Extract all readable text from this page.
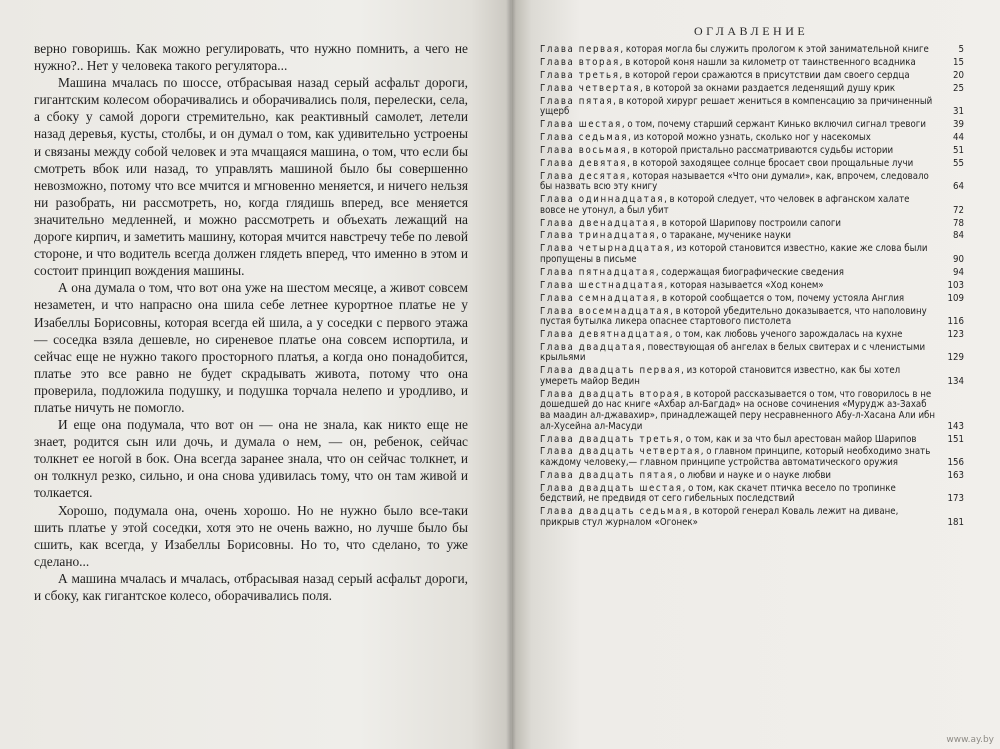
верно говоришь. Как можно регулировать, что нужно помнить, а чего не нужно?.. Нет у человека такого регулятора...

Машина мчалась по шоссе, отбрасывая назад серый асфальт дороги, гигантским колесом оборачивались и оборачивались поля, перелески, села, а сбоку у самой дороги стремительно, как реактивный самолет, летели назад деревья, кусты, столбы, и он думал о том, как удивительно устроены и связаны между собой человек и эта мчащаяся машина, о том, что если бы смотреть вбок или назад, то управлять машиной было бы совершенно невозможно, потому что все мчится и мгновенно меняется, и ничего нельзя ни разобрать, ни рассмотреть, но, когда глядишь вперед, все меняется значительно медленней, и можно рассмотреть и объехать лежащий на дороге кирпич, и заметить машину, которая мчится навстречу тебе по левой стороне, и что водитель всегда должен глядеть вперед, что именно в этом и состоит принцип вождения машины.

А она думала о том, что вот она уже на шестом месяце, а живот совсем незаметен, и что напрасно она шила себе летнее курортное платье не у Изабеллы Борисовны, которая всегда ей шила, а у соседки с первого этажа — соседка взяла дешевле, но сиреневое платье она совсем испортила, и сейчас еще не нужно такого просторного платья, а когда оно понадобится, платье это все равно не будет скрадывать живота, потому что она проверила, подложила подушку, и подушка торчала нелепо и уродливо, и платье ничуть не помогло.

И еще она подумала, что вот он — она не знала, как никто еще не знает, родится сын или дочь, и думала о нем, — он, ребенок, сейчас толкнет ее ногой в бок. Она всегда заранее знала, что он сейчас толкнет, и он толкнул резко, сильно, и она снова удивилась тому, что он там живой и толкается.

Хорошо, подумала она, очень хорошо. Но не нужно было все-таки шить платье у этой соседки, хотя это не очень важно, но лучше было бы сшить, как всегда, у Изабеллы Борисовны. Но то, что сделано, то уже сделано...

А машина мчалась и мчалась, отбрасывая назад серый асфальт дороги, и сбоку, как гигантское колесо, оборачивались поля.

ОГЛАВЛЕНИЕ
Глава первая, которая могла бы служить прологом к этой занимательной книге	5
Глава вторая, в которой коня нашли за километр от таинственного всадника	15
Глава третья, в которой герои сражаются в присутствии дам своего сердца	20
Глава четвертая, в которой за окнами раздается леденящий душу крик	25
Глава пятая, в которой хирург решает жениться в компенсацию за причиненный ущерб	31
Глава шестая, о том, почему старший сержант Кинько включил сигнал тревоги	39
Глава седьмая, из которой можно узнать, сколько ног у насекомых	44
Глава восьмая, в которой пристально рассматриваются судьбы истории	51
Глава девятая, в которой заходящее солнце бросает свои прощальные лучи	55
Глава десятая, которая называется «Что они думали», как, впрочем, следовало бы назвать всю эту книгу	64
Глава одиннадцатая, в которой следует, что человек в афганском халате вовсе не утонул, а был убит	72
Глава двенадцатая, в которой Шарипову построили сапоги	78
Глава тринадцатая, о таракане, мученике науки	84
Глава четырнадцатая, из которой становится известно, какие же слова были пропущены в письме	90
Глава пятнадцатая, содержащая биографические сведения	94
Глава шестнадцатая, которая называется «Ход конем»	103
Глава семнадцатая, в которой сообщается о том, почему устояла Англия	109
Глава восемнадцатая, в которой убедительно доказывается, что наполовину пустая бутылка ликера опаснее стартового пистолета	116
Глава девятнадцатая, о том, как любовь ученого зарождалась на кухне	123
Глава двадцатая, повествующая об ангелах в белых свитерах и с членистыми крыльями	129
Глава двадцать первая, из которой становится известно, как бы хотел умереть майор Ведин	134
Глава двадцать вторая, в которой рассказывается о том, что говорилось в не дошедшей до нас книге «Ахбар ал-Багдад» на основе сочинения «Мурудж аз-Захаб ва маадин ал-джавахир», принадлежащей перу несравненного Абу-л-Хасана Али ибн ал-Хусейна ал-Масуди	143
Глава двадцать третья, о том, как и за что был арестован майор Шарипов	151
Глава двадцать четвертая, о главном принципе, который необходимо знать каждому человеку,— главном принципе устройства автоматического оружия	156
Глава двадцать пятая, о любви и науке и о науке любви	163
Глава двадцать шестая, о том, как скачет птичка весело по тропинке бедствий, не предвидя от сего гибельных последствий	173
Глава двадцать седьмая, в которой генерал Коваль лежит на диване, прикрыв стул журналом «Огонек»	181
www.ay.by
